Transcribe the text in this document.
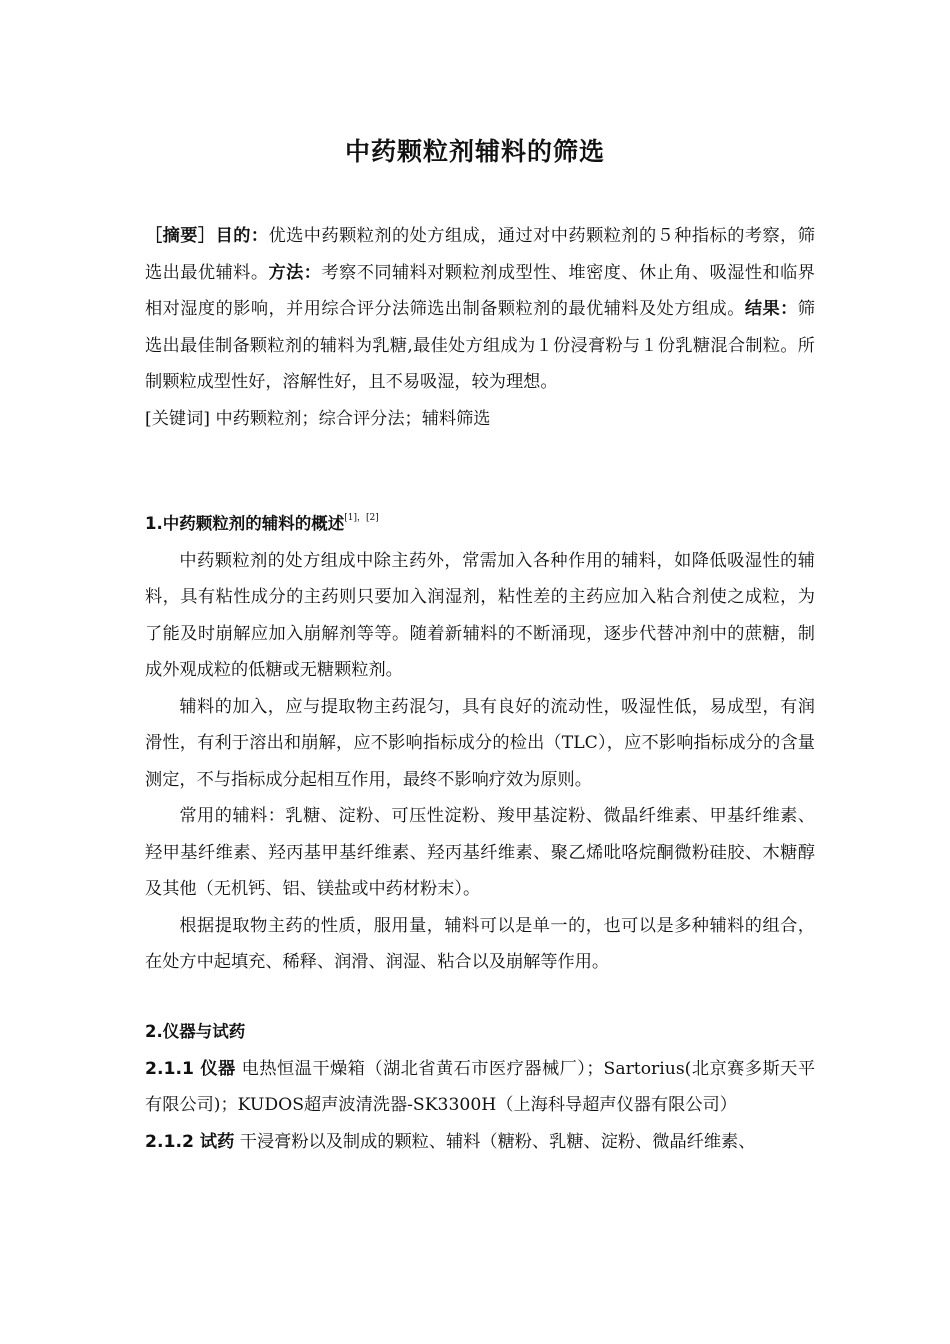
中药颗粒剂辅料的筛选

［摘要］目的：优选中药颗粒剂的处方组成，通过对中药颗粒剂的５种指标的考察，筛选出最优辅料。方法：考察不同辅料对颗粒剂成型性、堆密度、休止角、吸湿性和临界相对湿度的影响，并用综合评分法筛选出制备颗粒剂的最优辅料及处方组成。结果：筛选出最佳制备颗粒剂的辅料为乳糖,最佳处方组成为１份浸膏粉与１份乳糖混合制粒。所制颗粒成型性好，溶解性好，且不易吸湿，较为理想。

[关键词] 中药颗粒剂；综合评分法；辅料筛选

1.中药颗粒剂的辅料的概述[1]，[2]

中药颗粒剂的处方组成中除主药外，常需加入各种作用的辅料，如降低吸湿性的辅料，具有粘性成分的主药则只要加入润湿剂，粘性差的主药应加入粘合剂使之成粒，为了能及时崩解应加入崩解剂等等。随着新辅料的不断涌现，逐步代替冲剂中的蔗糖，制成外观成粒的低糖或无糖颗粒剂。

辅料的加入，应与提取物主药混匀，具有良好的流动性，吸湿性低，易成型，有润滑性，有利于溶出和崩解，应不影响指标成分的检出（TLC），应不影响指标成分的含量测定，不与指标成分起相互作用，最终不影响疗效为原则。

常用的辅料：乳糖、淀粉、可压性淀粉、羧甲基淀粉、微晶纤维素、甲基纤维素、羟甲基纤维素、羟丙基甲基纤维素、羟丙基纤维素、聚乙烯吡咯烷酮微粉硅胶、木糖醇及其他（无机钙、铝、镁盐或中药材粉末）。

根据提取物主药的性质，服用量，辅料可以是单一的，也可以是多种辅料的组合，在处方中起填充、稀释、润滑、润湿、粘合以及崩解等作用。

2.仪器与试药

2.1.1 仪器 电热恒温干燥箱（湖北省黄石市医疗器械厂）；Sartorius(北京赛多斯天平有限公司)；KUDOS超声波清洗器-SK3300H（上海科导超声仪器有限公司）

2.1.2 试药 干浸膏粉以及制成的颗粒、辅料（糖粉、乳糖、淀粉、微晶纤维素、
